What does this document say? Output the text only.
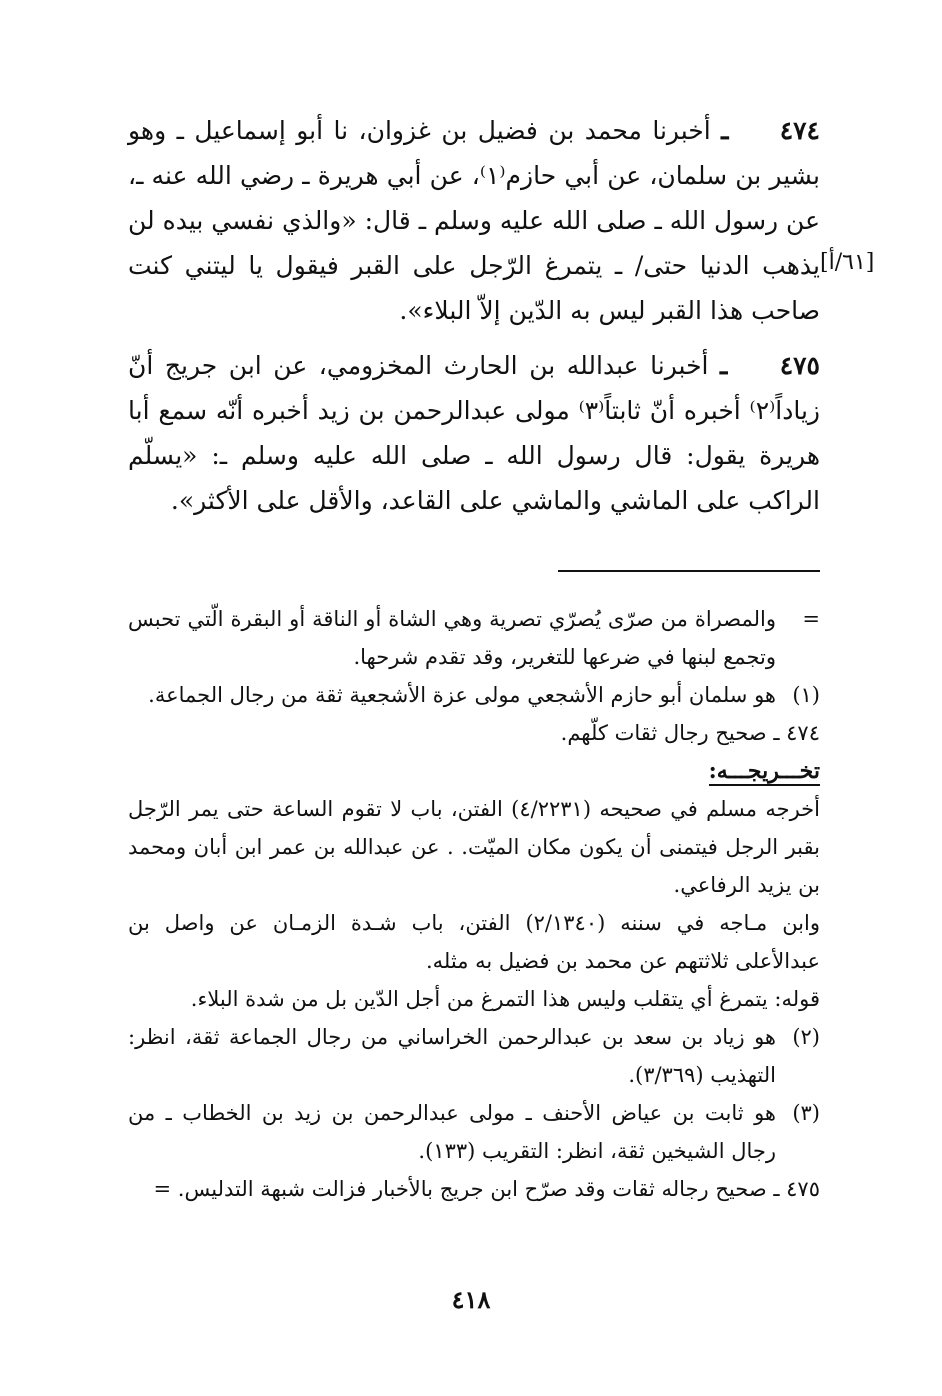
٤٧٤ ـ أخبرنا محمد بن فضيل بن غزوان، نا أبو إسماعيل ـ وهو بشير بن سلمان، عن أبي حازم⁽١⁾، عن أبي هريرة ـ رضي الله عنه ـ، عن رسول الله ـ صلى الله عليه وسلم ـ قال: «والذي نفسي بيده لن يذهب الدنيا حتى/ ـ يتمرغ الرّجل على القبر فيقول يا ليتني كنت صاحب هذا القبر ليس به الدّين إلاّ البلاء».

٤٧٥ ـ أخبرنا عبدالله بن الحارث المخزومي، عن ابن جريج أنّ زياداً⁽٢⁾ أخبره أنّ ثابتاً⁽٣⁾ مولى عبدالرحمن بن زيد أخبره أنّه سمع أبا هريرة يقول: قال رسول الله ـ صلى الله عليه وسلم ـ: «يسلّم الراكب على الماشي والماشي على القاعد، والأقل على الأكثر».

[٦١/أ]

=
والمصراة من صرّى يُصرّي تصرية وهي الشاة أو الناقة أو البقرة الّتي تحبس وتجمع لبنها في ضرعها للتغرير، وقد تقدم شرحها.

(١)
هو سلمان أبو حازم الأشجعي مولى عزة الأشجعية ثقة من رجال الجماعة.

٤٧٤ ـ صحيح رجال ثقات كلّهم.

تخـــريجـــه:

أخرجه مسلم في صحيحه (٤/٢٢٣١) الفتن، باب لا تقوم الساعة حتى يمر الرّجل بقبر الرجل فيتمنى أن يكون مكان الميّت. . عن عبدالله بن عمر ابن أبان ومحمد بن يزيد الرفاعي.

وابن مـاجه في سننه (٢/١٣٤٠) الفتن، باب شـدة الزمـان عن واصل بن عبدالأعلى ثلاثتهم عن محمد بن فضيل به مثله.

قوله: يتمرغ أي يتقلب وليس هذا التمرغ من أجل الدّين بل من شدة البلاء.

(٢)
هو زياد بن سعد بن عبدالرحمن الخراساني من رجال الجماعة ثقة، انظر: التهذيب (٣/٣٦٩).

(٣)
هو ثابت بن عياض الأحنف ـ مولى عبدالرحمن بن زيد بن الخطاب ـ من رجال الشيخين ثقة، انظر: التقريب (١٣٣).

٤٧٥ ـ صحيح رجاله ثقات وقد صرّح ابن جريج بالأخبار فزالت شبهة التدليس. =

٤١٨
